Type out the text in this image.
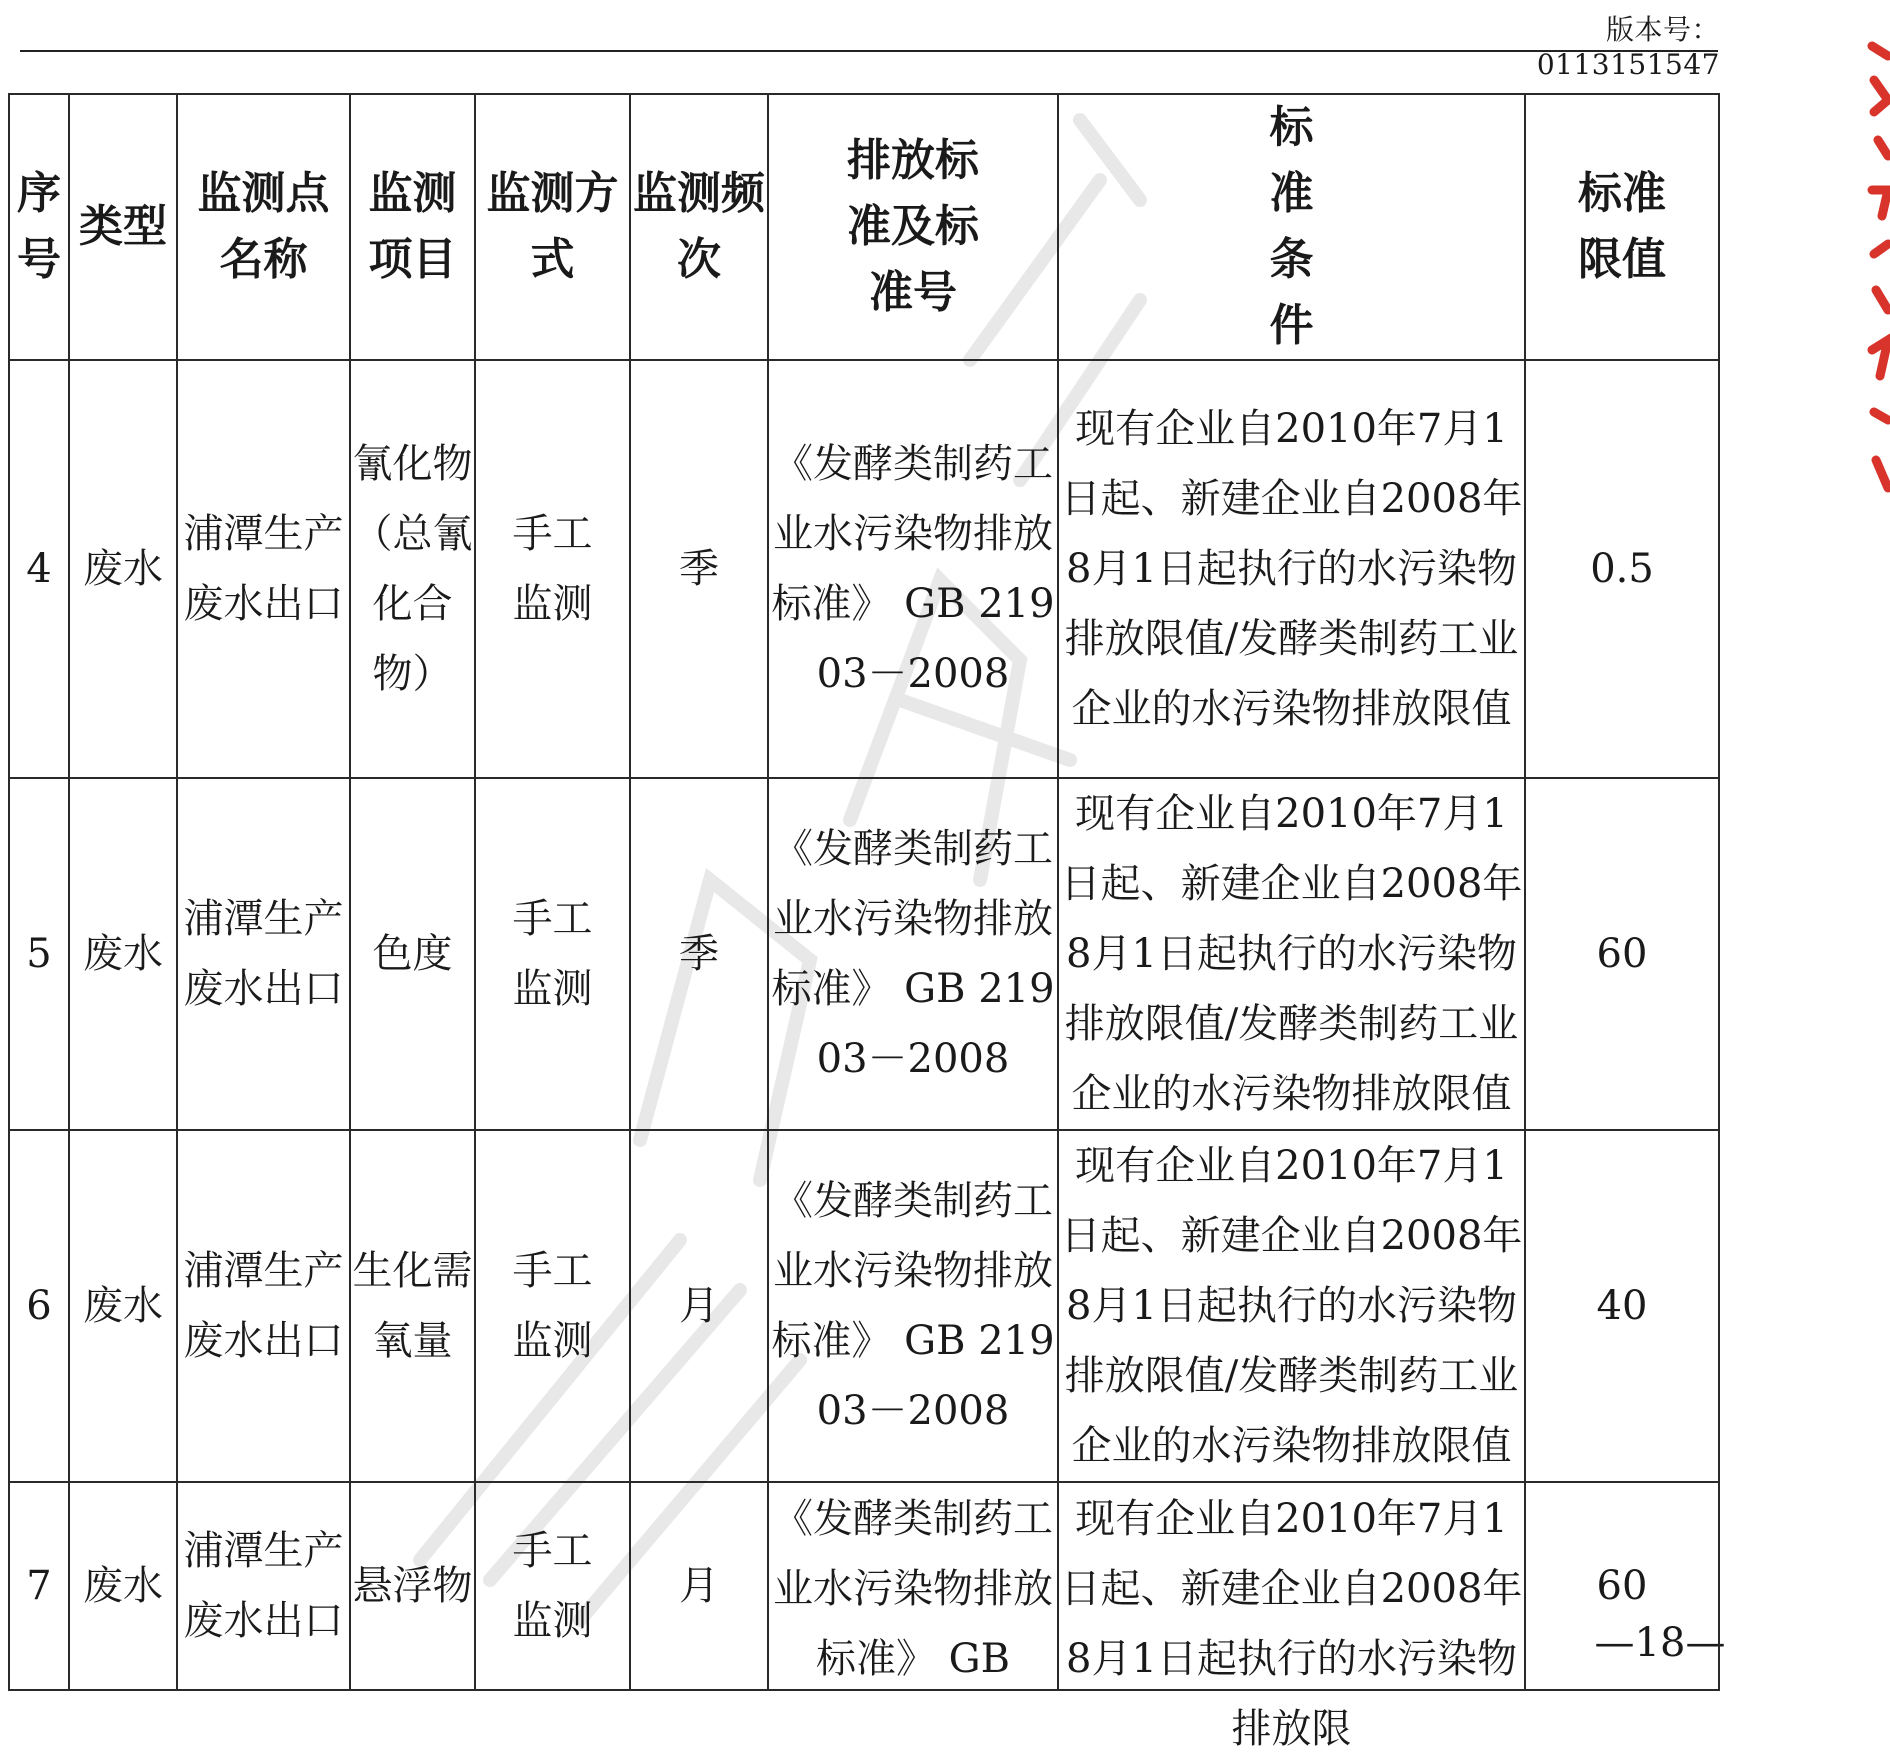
版本号：0113151547
序号	类型	监测点名称	监测项目	监测方式	监测频次	排放标准及标准号	标准条件	标准限值
4	废水	浦潭生产废水出口	氰化物（总氰化合物）	手工监测	季	《发酵类制药工业水污染物排放标准》 GB 21903－2008	现有企业自2010年7月1日起、新建企业自2008年8月1日起执行的水污染物排放限值/发酵类制药工业企业的水污染物排放限值	0.5
5	废水	浦潭生产废水出口	色度	手工监测	季	《发酵类制药工业水污染物排放标准》 GB 21903－2008	现有企业自2010年7月1日起、新建企业自2008年8月1日起执行的水污染物排放限值/发酵类制药工业企业的水污染物排放限值	60
6	废水	浦潭生产废水出口	生化需氧量	手工监测	月	《发酵类制药工业水污染物排放标准》 GB 21903－2008	现有企业自2010年7月1日起、新建企业自2008年8月1日起执行的水污染物排放限值/发酵类制药工业企业的水污染物排放限值	40
7	废水	浦潭生产废水出口	悬浮物	手工监测	月	《发酵类制药工业水污染物排放标准》 GB	现有企业自2010年7月1日起、新建企业自2008年8月1日起执行的水污染物排放限	60
—18—
